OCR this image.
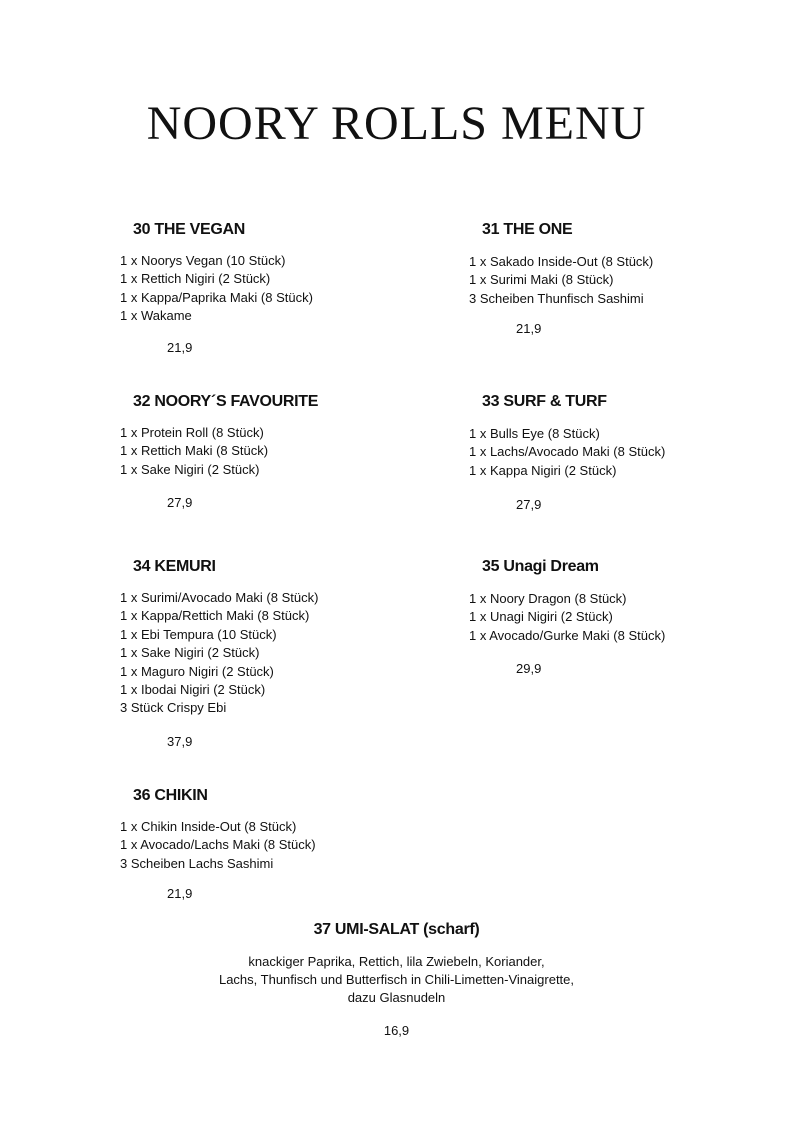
NOORY ROLLS MENU
30 THE VEGAN
1 x Noorys Vegan (10 Stück)
1 x Rettich Nigiri (2 Stück)
1 x Kappa/Paprika Maki (8 Stück)
1 x Wakame
21,9
31 THE ONE
1 x Sakado Inside-Out (8 Stück)
1 x Surimi Maki (8 Stück)
3 Scheiben Thunfisch Sashimi
21,9
32 NOORY´S FAVOURITE
1 x Protein Roll (8 Stück)
1 x Rettich Maki (8 Stück)
1 x Sake Nigiri (2 Stück)
27,9
33 SURF & TURF
1 x Bulls Eye (8 Stück)
1 x Lachs/Avocado Maki (8 Stück)
1 x Kappa Nigiri (2 Stück)
27,9
34 KEMURI
1 x Surimi/Avocado Maki (8 Stück)
1 x Kappa/Rettich Maki (8 Stück)
1 x Ebi Tempura (10 Stück)
1 x Sake Nigiri (2 Stück)
1 x Maguro Nigiri (2 Stück)
1 x Ibodai Nigiri (2 Stück)
3 Stück Crispy Ebi
37,9
35 Unagi Dream
1 x Noory Dragon (8 Stück)
1 x Unagi Nigiri (2 Stück)
1 x Avocado/Gurke Maki (8 Stück)
29,9
36 CHIKIN
1 x Chikin Inside-Out (8 Stück)
1 x Avocado/Lachs Maki (8 Stück)
3 Scheiben Lachs Sashimi
21,9
37 UMI-SALAT (scharf)
knackiger Paprika, Rettich, lila Zwiebeln, Koriander,
Lachs, Thunfisch und Butterfisch in Chili-Limetten-Vinaigrette,
dazu Glasnudeln
16,9
